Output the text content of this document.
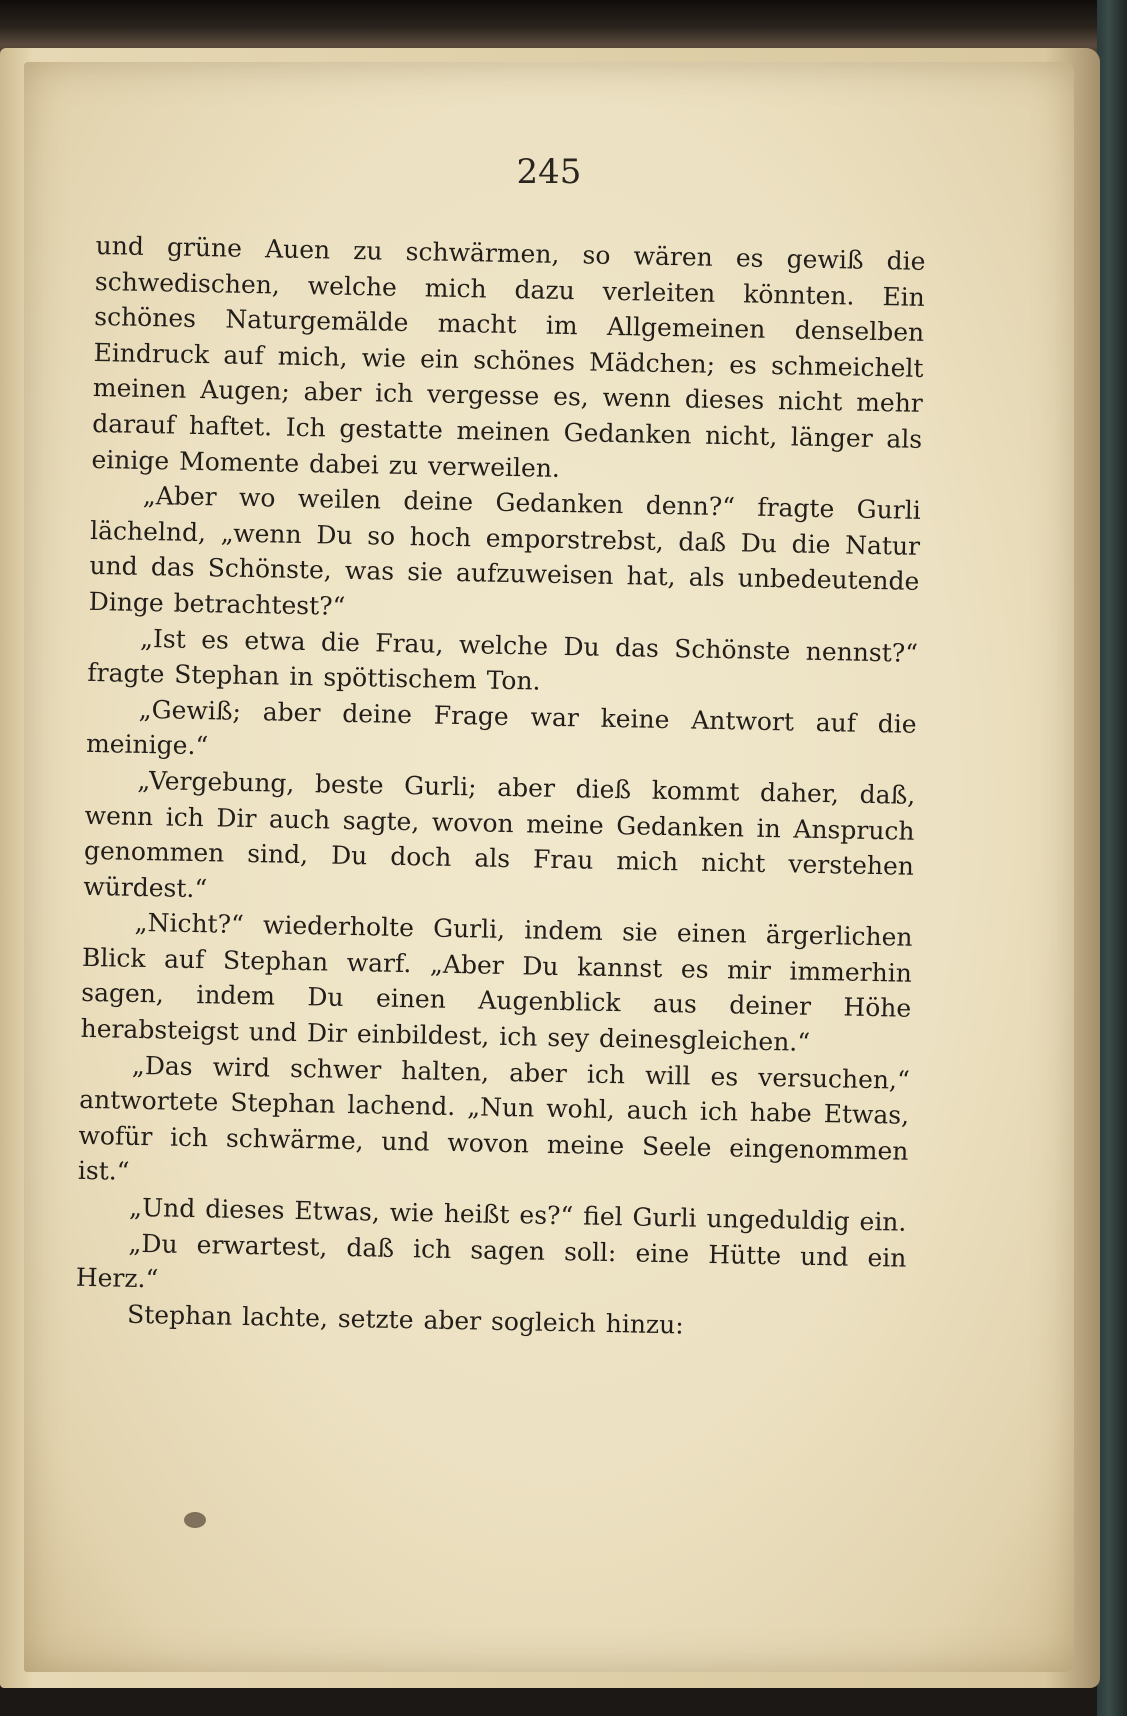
245

und grüne Auen zu schwärmen, so wären es gewiß die schwedischen, welche mich dazu verleiten könnten. Ein schönes Naturgemälde macht im Allgemeinen denselben Eindruck auf mich, wie ein schönes Mädchen; es schmeichelt meinen Augen; aber ich vergesse es, wenn dieses nicht mehr darauf haftet. Ich gestatte meinen Gedanken nicht, länger als einige Momente dabei zu verweilen.

„Aber wo weilen deine Gedanken denn?“ fragte Gurli lächelnd, „wenn Du so hoch emporstrebst, daß Du die Natur und das Schönste, was sie aufzuweisen hat, als unbedeutende Dinge betrachtest?“

„Ist es etwa die Frau, welche Du das Schönste nennst?“ fragte Stephan in spöttischem Ton.

„Gewiß; aber deine Frage war keine Antwort auf die meinige.“

„Vergebung, beste Gurli; aber dieß kommt daher, daß, wenn ich Dir auch sagte, wovon meine Gedanken in Anspruch genommen sind, Du doch als Frau mich nicht verstehen würdest.“

„Nicht?“ wiederholte Gurli, indem sie einen ärgerlichen Blick auf Stephan warf. „Aber Du kannst es mir immerhin sagen, indem Du einen Augenblick aus deiner Höhe herabsteigst und Dir einbildest, ich sey deinesgleichen.“

„Das wird schwer halten, aber ich will es versuchen,“ antwortete Stephan lachend. „Nun wohl, auch ich habe Etwas, wofür ich schwärme, und wovon meine Seele eingenommen ist.“

„Und dieses Etwas, wie heißt es?“ fiel Gurli ungeduldig ein.

„Du erwartest, daß ich sagen soll: eine Hütte und ein Herz.“

Stephan lachte, setzte aber sogleich hinzu:
